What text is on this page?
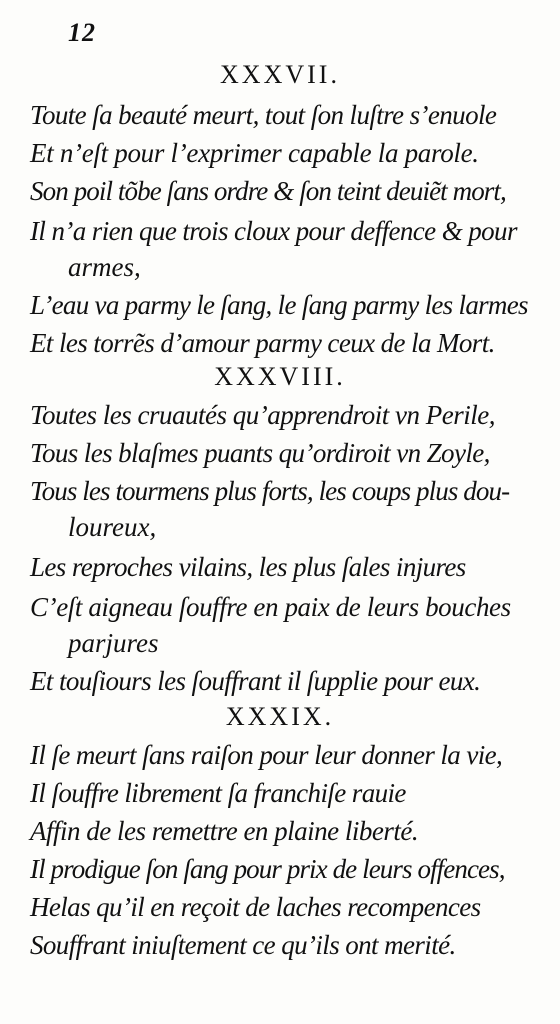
12
XXXVII.
Toute ſa beauté meurt, tout ſon luſtre s’enuole
Et n’eſt pour l’exprimer capable la parole.
Son poil tõbe ſans ordre & ſon teint deuiẽt mort,
Il n’a rien que trois cloux pour deffence & pour
armes,
L’eau va parmy le ſang, le ſang parmy les larmes
Et les torrẽs d’amour parmy ceux de la Mort.
XXXVIII.
Toutes les cruautés qu’apprendroit vn Perile,
Tous les blaſmes puants qu’ordiroit vn Zoyle,
Tous les tourmens plus forts, les coups plus dou-
loureux,
Les reproches vilains, les plus ſales injures
C’eſt aigneau ſouffre en paix de leurs bouches
parjures
Et touſiours les ſouffrant il ſupplie pour eux.
XXXIX.
Il ſe meurt ſans raiſon pour leur donner la vie,
Il ſouffre librement ſa franchiſe rauie
Affin de les remettre en plaine liberté.
Il prodigue ſon ſang pour prix de leurs offences,
Helas qu’il en reçoit de laches recompences
Souffrant iniuſtement ce qu’ils ont merité.
